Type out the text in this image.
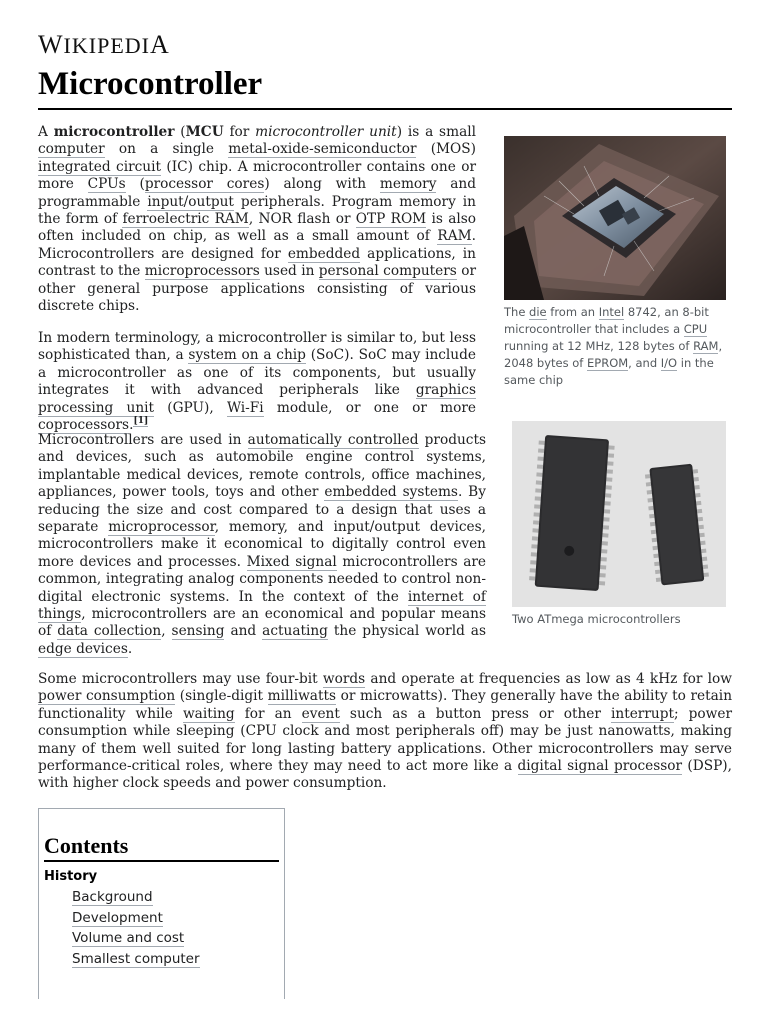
WIKIPEDIA
Microcontroller

A microcontroller (MCU for microcontroller unit) is a small computer on a single metal-oxide-semiconductor (MOS) integrated circuit (IC) chip. A microcontroller contains one or more CPUs (processor cores) along with memory and programmable input/output peripherals. Program memory in the form of ferroelectric RAM, NOR flash or OTP ROM is also often included on chip, as well as a small amount of RAM. Microcontrollers are designed for embedded applications, in contrast to the microprocessors used in personal computers or other general purpose applications consisting of various discrete chips.

In modern terminology, a microcontroller is similar to, but less sophisticated than, a system on a chip (SoC). SoC may include a microcontroller as one of its components, but usually integrates it with advanced peripherals like graphics processing unit (GPU), Wi-Fi module, or one or more coprocessors.[1]

Microcontrollers are used in automatically controlled products and devices, such as automobile engine control systems, implantable medical devices, remote controls, office machines, appliances, power tools, toys and other embedded systems. By reducing the size and cost compared to a design that uses a separate microprocessor, memory, and input/output devices, microcontrollers make it economical to digitally control even more devices and processes. Mixed signal microcontrollers are common, integrating analog components needed to control non-digital electronic systems. In the context of the internet of things, microcontrollers are an economical and popular means of data collection, sensing and actuating the physical world as edge devices.

Some microcontrollers may use four-bit words and operate at frequencies as low as 4 kHz for low power consumption (single-digit milliwatts or microwatts). They generally have the ability to retain functionality while waiting for an event such as a button press or other interrupt; power consumption while sleeping (CPU clock and most peripherals off) may be just nanowatts, making many of them well suited for long lasting battery applications. Other microcontrollers may serve performance-critical roles, where they may need to act more like a digital signal processor (DSP), with higher clock speeds and power consumption.

The die from an Intel 8742, an 8-bit microcontroller that includes a CPU running at 12 MHz, 128 bytes of RAM, 2048 bytes of EPROM, and I/O in the same chip
Two ATmega microcontrollers
Contents
History
Background
Development
Volume and cost
Smallest computer
